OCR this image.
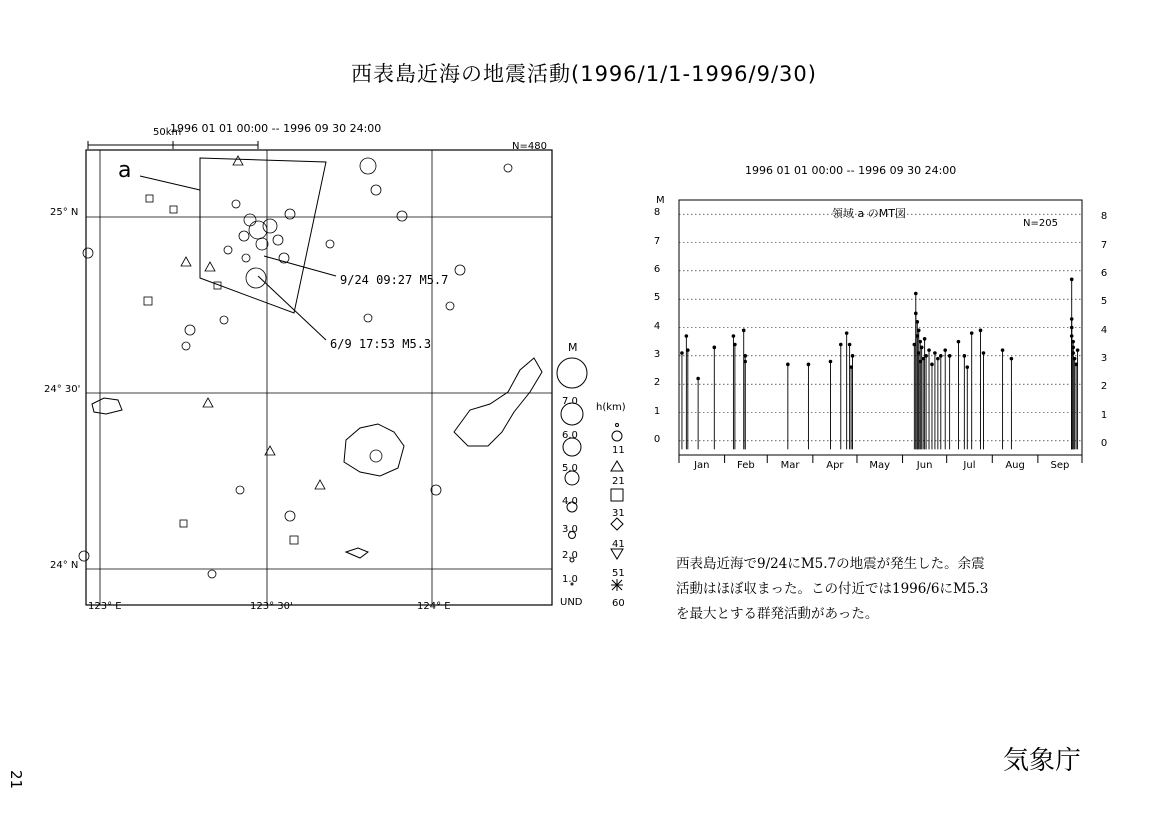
西表島近海の地震活動(1996/1/1-1996/9/30)
1996 01 01 00:00 -- 1996 09 30 24:00
N=480
50km
a
25° N
24° 30'
24° N
123° E	123° 30'	124° E
9/24 09:27 M5.7
6/9 17:53 M5.3	M
7.0
6.0
5.0
4.0
3.0
2.0
1.0
UND
h(km)
11
21
31
41
51
60
1996 01 01 00:00 -- 1996 09 30 24:00
N=205
M
領域 a のMT図
Jan	Feb	Mar	Apr	May	Jun	Jul	Aug	Sep
0
1
2
3
4
5
6
7
8
0
1
2
3
4
5
6
7
8
西表島近海で9/24にM5.7の地震が発生した。余震活動はほぼ収まった。この付近では1996/6にM5.3を最大とする群発活動があった。
気象庁
21
